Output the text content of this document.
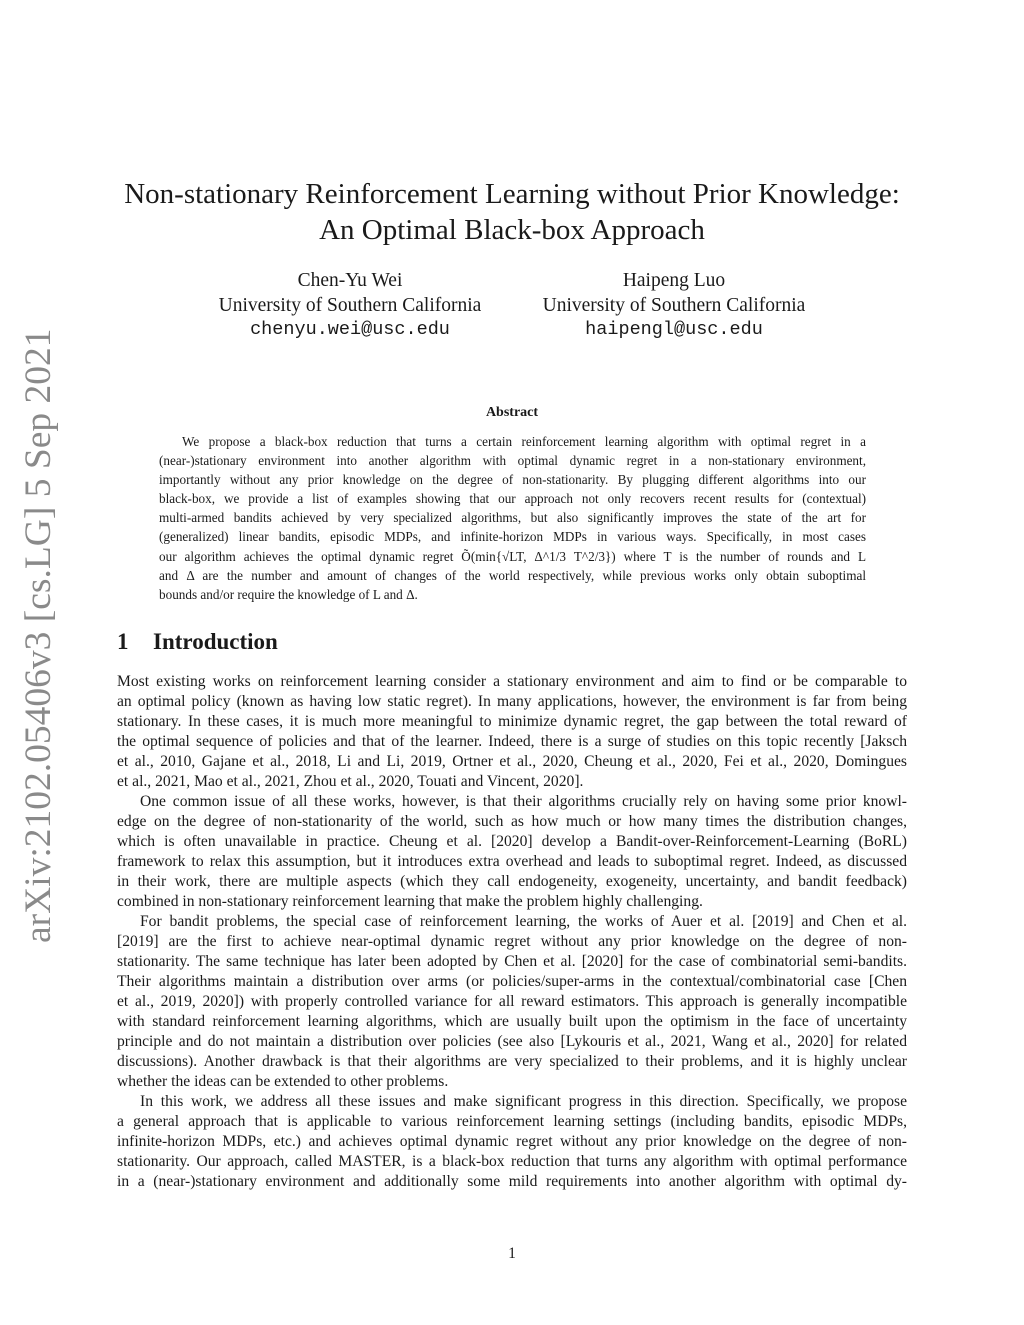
arXiv:2102.05406v3 [cs.LG] 5 Sep 2021
Non-stationary Reinforcement Learning without Prior Knowledge:
An Optimal Black-box Approach
Chen-Yu Wei
University of Southern California
chenyu.wei@usc.edu
Haipeng Luo
University of Southern California
haipengl@usc.edu
Abstract
We propose a black-box reduction that turns a certain reinforcement learning algorithm with optimal regret in a
(near-)stationary environment into another algorithm with optimal dynamic regret in a non-stationary environment,
importantly without any prior knowledge on the degree of non-stationarity. By plugging different algorithms into our
black-box, we provide a list of examples showing that our approach not only recovers recent results for (contextual)
multi-armed bandits achieved by very specialized algorithms, but also significantly improves the state of the art for
(generalized) linear bandits, episodic MDPs, and infinite-horizon MDPs in various ways. Specifically, in most cases
our algorithm achieves the optimal dynamic regret Õ(min{√LT, Δ^1/3 T^2/3}) where T is the number of rounds and L
and Δ are the number and amount of changes of the world respectively, while previous works only obtain suboptimal
bounds and/or require the knowledge of L and Δ.
1 Introduction
Most existing works on reinforcement learning consider a stationary environment and aim to find or be comparable to
an optimal policy (known as having low static regret). In many applications, however, the environment is far from being
stationary. In these cases, it is much more meaningful to minimize dynamic regret, the gap between the total reward of
the optimal sequence of policies and that of the learner. Indeed, there is a surge of studies on this topic recently [Jaksch
et al., 2010, Gajane et al., 2018, Li and Li, 2019, Ortner et al., 2020, Cheung et al., 2020, Fei et al., 2020, Domingues
et al., 2021, Mao et al., 2021, Zhou et al., 2020, Touati and Vincent, 2020].
One common issue of all these works, however, is that their algorithms crucially rely on having some prior knowl-
edge on the degree of non-stationarity of the world, such as how much or how many times the distribution changes,
which is often unavailable in practice. Cheung et al. [2020] develop a Bandit-over-Reinforcement-Learning (BoRL)
framework to relax this assumption, but it introduces extra overhead and leads to suboptimal regret. Indeed, as discussed
in their work, there are multiple aspects (which they call endogeneity, exogeneity, uncertainty, and bandit feedback)
combined in non-stationary reinforcement learning that make the problem highly challenging.
For bandit problems, the special case of reinforcement learning, the works of Auer et al. [2019] and Chen et al.
[2019] are the first to achieve near-optimal dynamic regret without any prior knowledge on the degree of non-
stationarity. The same technique has later been adopted by Chen et al. [2020] for the case of combinatorial semi-bandits.
Their algorithms maintain a distribution over arms (or policies/super-arms in the contextual/combinatorial case [Chen
et al., 2019, 2020]) with properly controlled variance for all reward estimators. This approach is generally incompatible
with standard reinforcement learning algorithms, which are usually built upon the optimism in the face of uncertainty
principle and do not maintain a distribution over policies (see also [Lykouris et al., 2021, Wang et al., 2020] for related
discussions). Another drawback is that their algorithms are very specialized to their problems, and it is highly unclear
whether the ideas can be extended to other problems.
In this work, we address all these issues and make significant progress in this direction. Specifically, we propose
a general approach that is applicable to various reinforcement learning settings (including bandits, episodic MDPs,
infinite-horizon MDPs, etc.) and achieves optimal dynamic regret without any prior knowledge on the degree of non-
stationarity. Our approach, called MASTER, is a black-box reduction that turns any algorithm with optimal performance
in a (near-)stationary environment and additionally some mild requirements into another algorithm with optimal dy-
1
